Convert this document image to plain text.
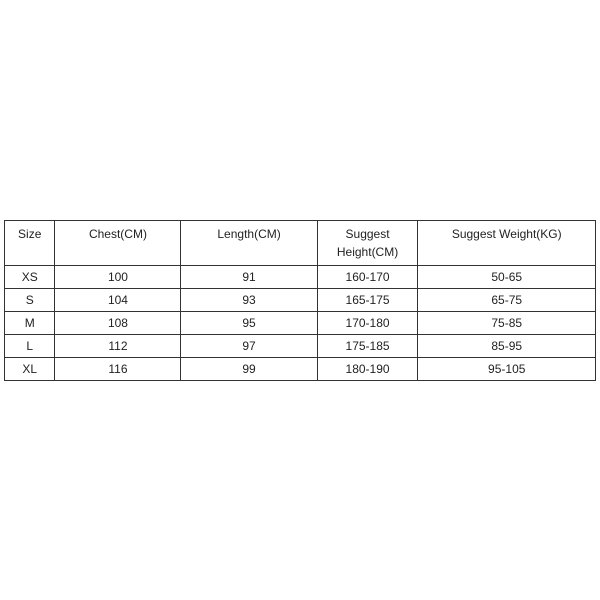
Size	Chest(CM)	Length(CM)	Suggest Height(CM)	Suggest Weight(KG)
XS	100	91	160-170	50-65
S	104	93	165-175	65-75
M	108	95	170-180	75-85
L	112	97	175-185	85-95
XL	116	99	180-190	95-105
